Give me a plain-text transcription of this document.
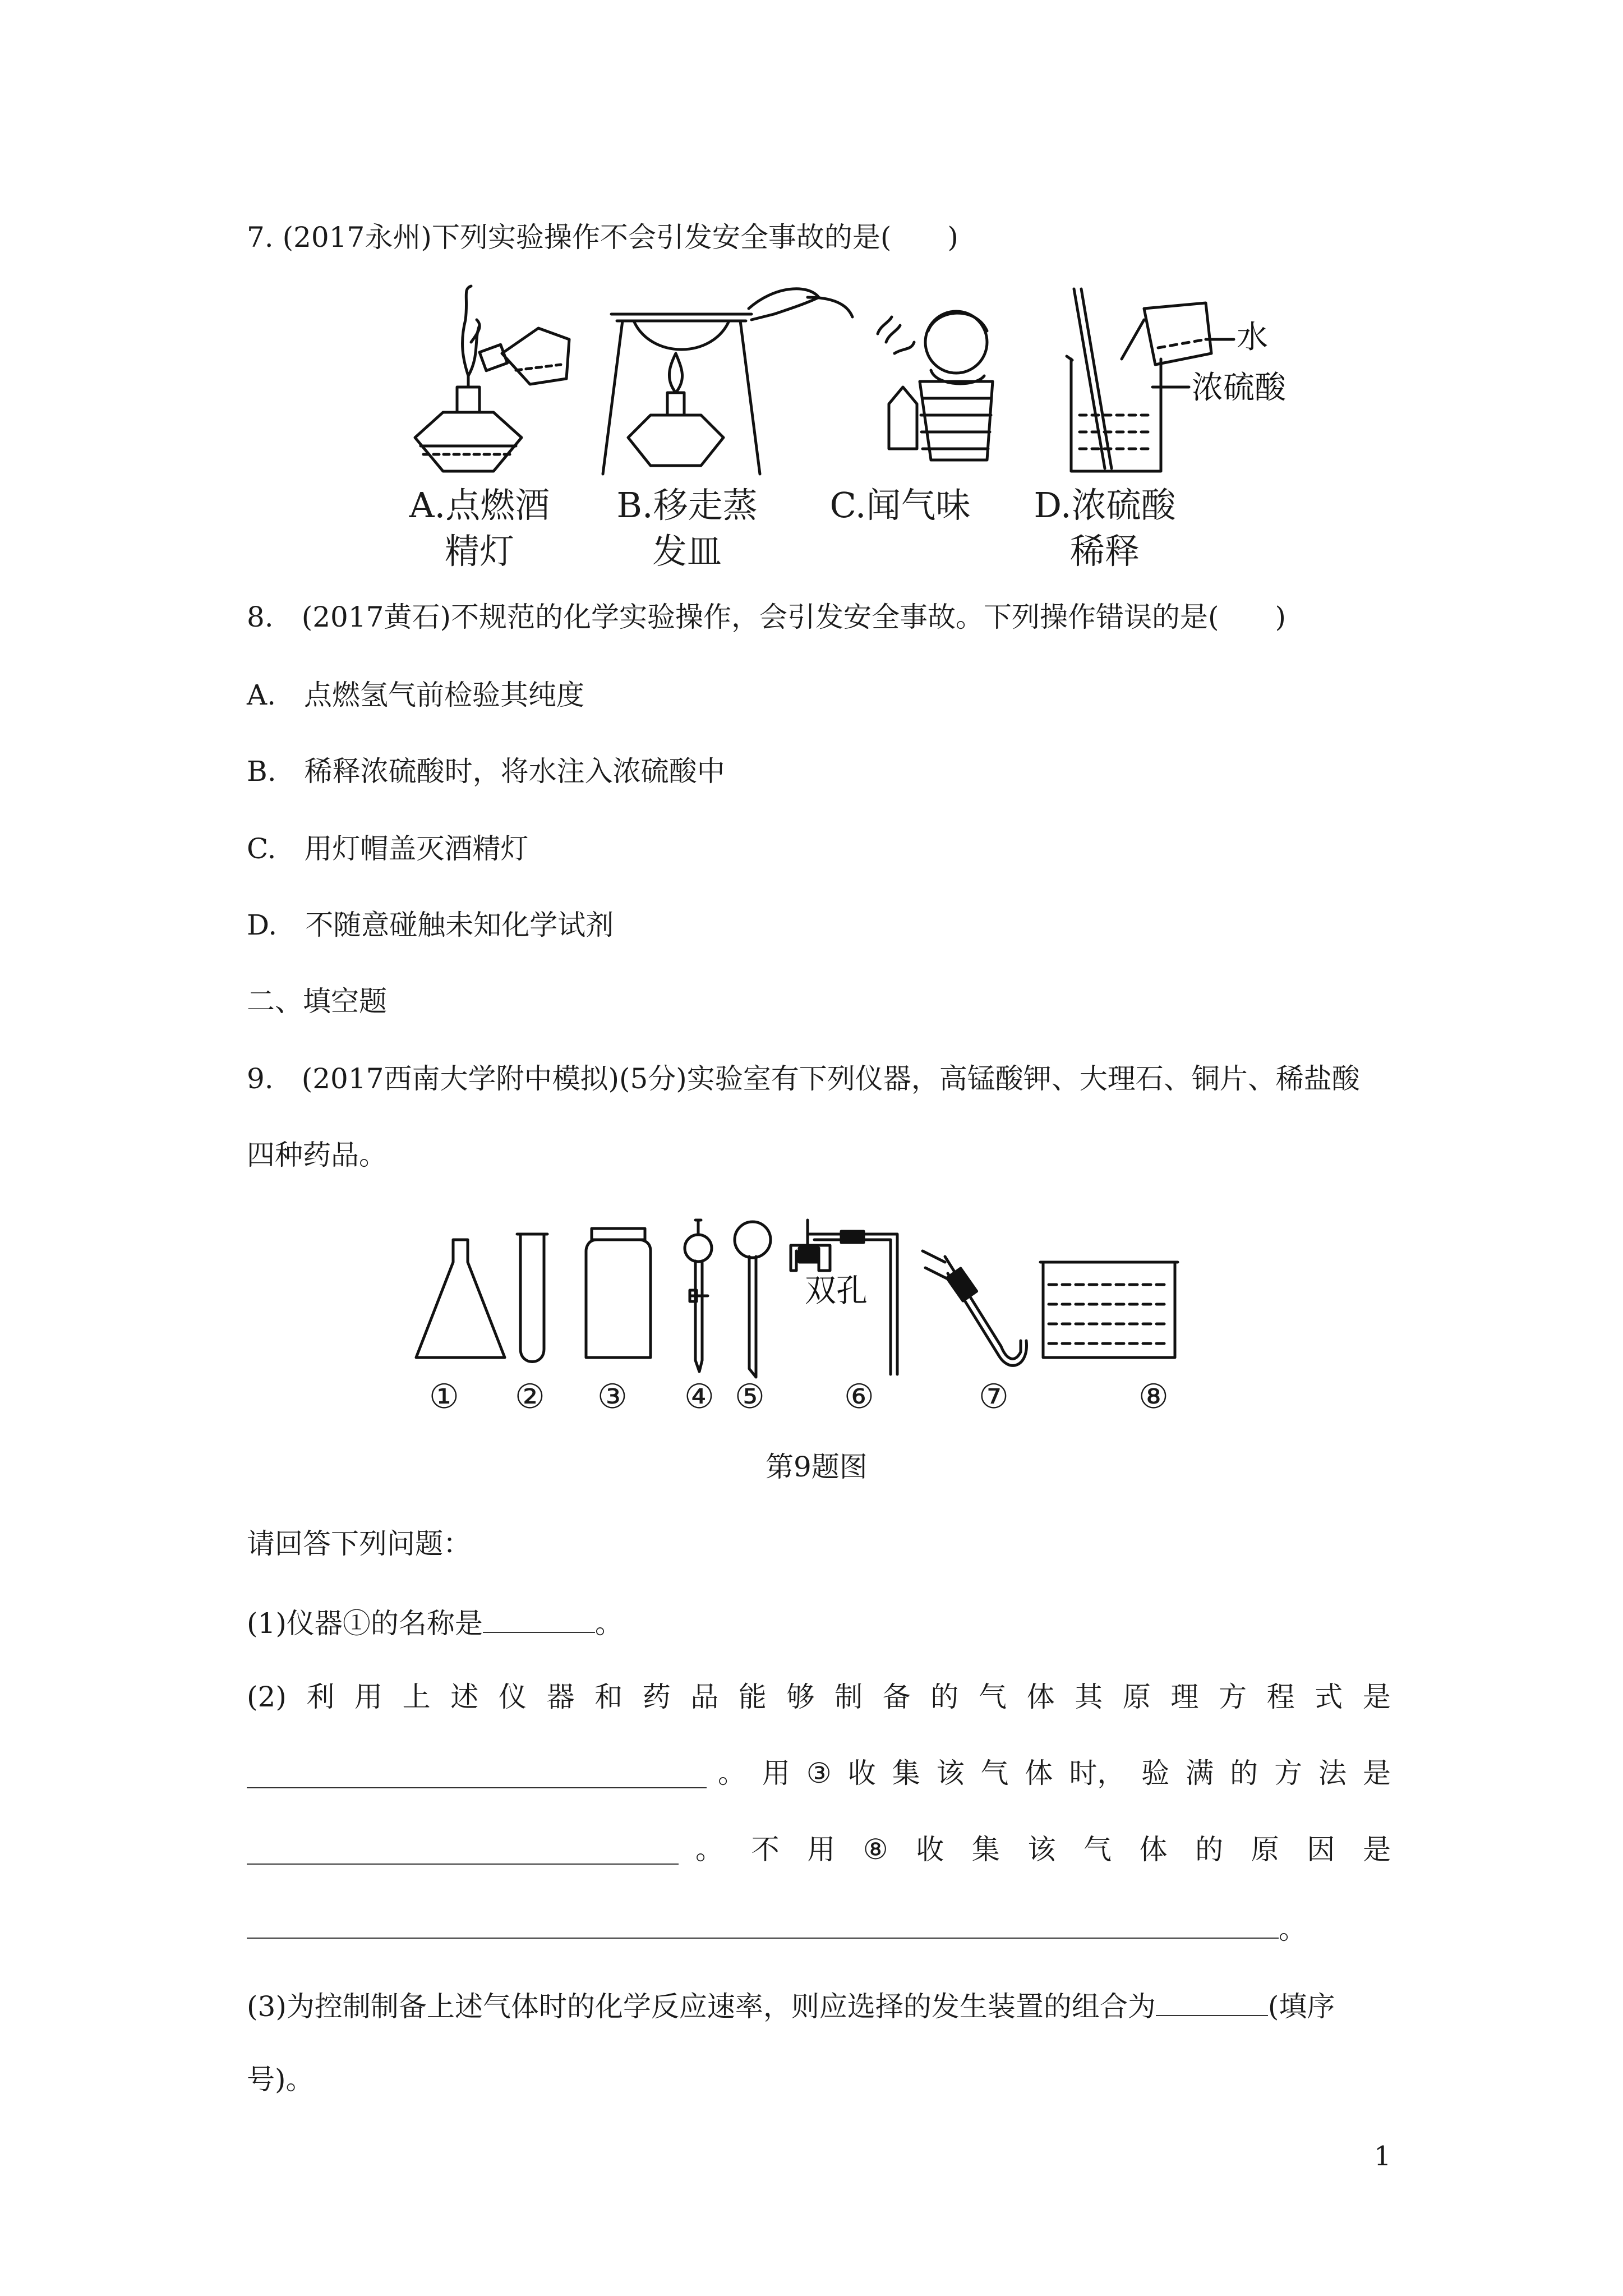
7. (2017永州)下列实验操作不会引发安全事故的是(　　)
水
浓硫酸
A.点燃酒
精灯
B.移走蒸
发皿
C.闻气味	D.浓硫酸
稀释
8.　(2017黄石)不规范的化学实验操作，会引发安全事故。下列操作错误的是(　　)
A.　点燃氢气前检验其纯度
B.　稀释浓硫酸时，将水注入浓硫酸中
C.　用灯帽盖灭酒精灯
D.　不随意碰触未知化学试剂
二、填空题
9.　(2017西南大学附中模拟)(5分)实验室有下列仪器，高锰酸钾、大理石、铜片、稀盐酸
四种药品。
双孔
① ② ③ ④ ⑤ ⑥	⑦	⑧
第9题图
请回答下列问题：
(1)仪器①的名称是	。
(2) 利 用 上 述 仪 器 和 药 品 能 够 制 备 的 气 体 其 原 理 方 程 式 是
。 用 ③ 收 集 该 气 体 时， 验 满 的 方 法 是
。 不 用 ⑧ 收 集 该 气 体 的 原 因 是
。
(3)为控制制备上述气体时的化学反应速率，则应选择的发生装置的组合为	(填序
号)。
1
